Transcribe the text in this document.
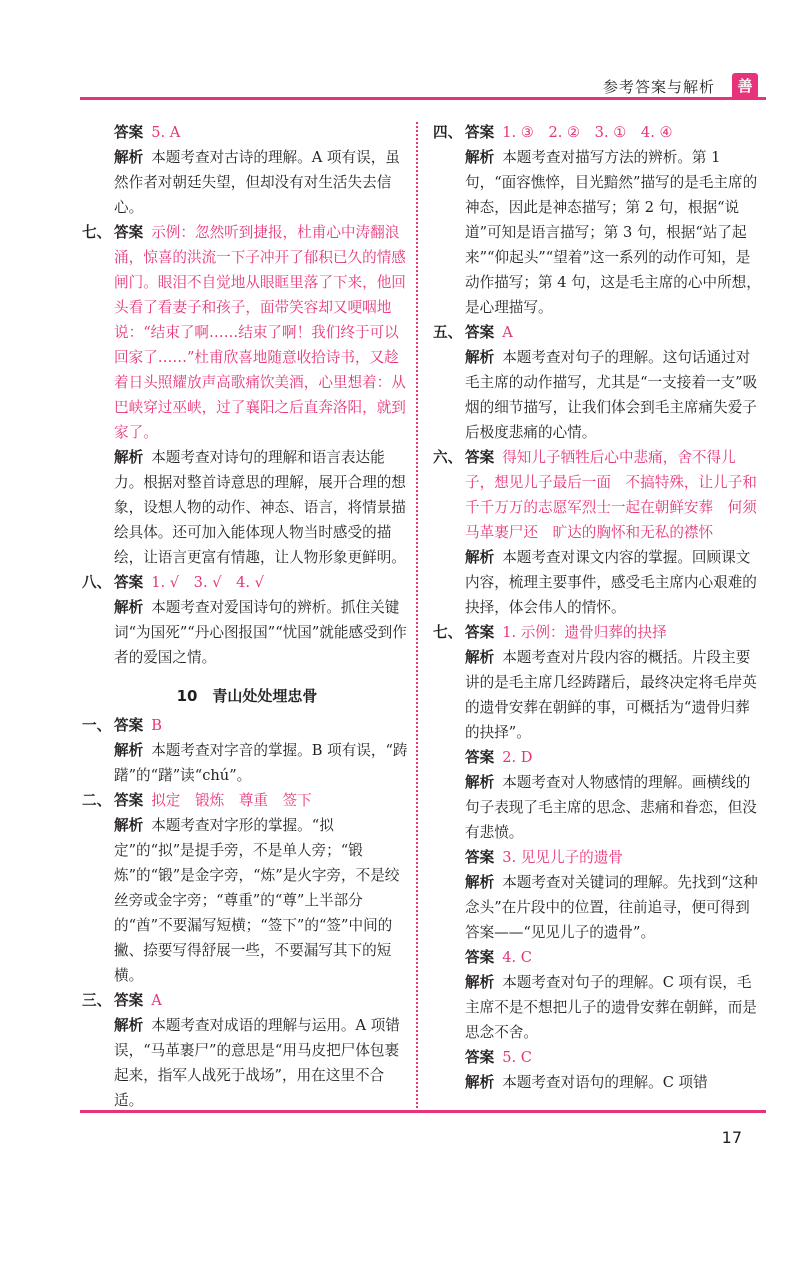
参考答案与解析	善
答案 5. A
解析 本题考查对古诗的理解。A 项有误，虽然作者对朝廷失望，但却没有对生活失去信心。
七、 答案 示例：忽然听到捷报，杜甫心中涛翻浪涌，惊喜的洪流一下子冲开了郁积已久的情感闸门。眼泪不自觉地从眼眶里落了下来，他回头看了看妻子和孩子，面带笑容却又哽咽地说：“结束了啊……结束了啊！我们终于可以回家了……”杜甫欣喜地随意收拾诗书，又趁着日头照耀放声高歌痛饮美酒，心里想着：从巴峡穿过巫峡，过了襄阳之后直奔洛阳，就到家了。
解析 本题考查对诗句的理解和语言表达能力。根据对整首诗意思的理解，展开合理的想象，设想人物的动作、神态、语言，将情景描绘具体。还可加入能体现人物当时感受的描绘，让语言更富有情趣，让人物形象更鲜明。
八、 答案 1. √　3. √　4. √
解析 本题考查对爱国诗句的辨析。抓住关键词“为国死”“丹心图报国”“忧国”就能感受到作者的爱国之情。
10　青山处处埋忠骨
一、 答案 B
解析 本题考查对字音的掌握。B 项有误，“踌躇”的“躇”读“chú”。
二、 答案 拟定　锻炼　尊重　签下
解析 本题考查对字形的掌握。“拟定”的“拟”是提手旁，不是单人旁；“锻炼”的“锻”是金字旁，“炼”是火字旁，不是绞丝旁或金字旁；“尊重”的“尊”上半部分的“酋”不要漏写短横；“签下”的“签”中间的撇、捺要写得舒展一些，不要漏写其下的短横。
三、 答案 A
解析 本题考查对成语的理解与运用。A 项错误，“马革裹尸”的意思是“用马皮把尸体包裹起来，指军人战死于战场”，用在这里不合适。
四、 答案 1. ③　2. ②　3. ①　4. ④
解析 本题考查对描写方法的辨析。第 1 句，“面容憔悴，目光黯然”描写的是毛主席的神态，因此是神态描写；第 2 句，根据“说道”可知是语言描写；第 3 句，根据“站了起来”“仰起头”“望着”这一系列的动作可知，是动作描写；第 4 句，这是毛主席的心中所想，是心理描写。
五、 答案 A
解析 本题考查对句子的理解。这句话通过对毛主席的动作描写，尤其是“一支接着一支”吸烟的细节描写，让我们体会到毛主席痛失爱子后极度悲痛的心情。
六、 答案 得知儿子牺牲后心中悲痛，舍不得儿子，想见儿子最后一面　不搞特殊，让儿子和千千万万的志愿军烈士一起在朝鲜安葬　何须马革裹尸还　旷达的胸怀和无私的襟怀
解析 本题考查对课文内容的掌握。回顾课文内容，梳理主要事件，感受毛主席内心艰难的抉择，体会伟人的情怀。
七、 答案 1. 示例：遗骨归葬的抉择
解析 本题考查对片段内容的概括。片段主要讲的是毛主席几经踌躇后，最终决定将毛岸英的遗骨安葬在朝鲜的事，可概括为“遗骨归葬的抉择”。
答案 2. D
解析 本题考查对人物感情的理解。画横线的句子表现了毛主席的思念、悲痛和眷恋，但没有悲愤。
答案 3. 见见儿子的遗骨
解析 本题考查对关键词的理解。先找到“这种念头”在片段中的位置，往前追寻，便可得到答案——“见见儿子的遗骨”。
答案 4. C
解析 本题考查对句子的理解。C 项有误，毛主席不是不想把儿子的遗骨安葬在朝鲜，而是思念不舍。
答案 5. C
解析 本题考查对语句的理解。C 项错
17
